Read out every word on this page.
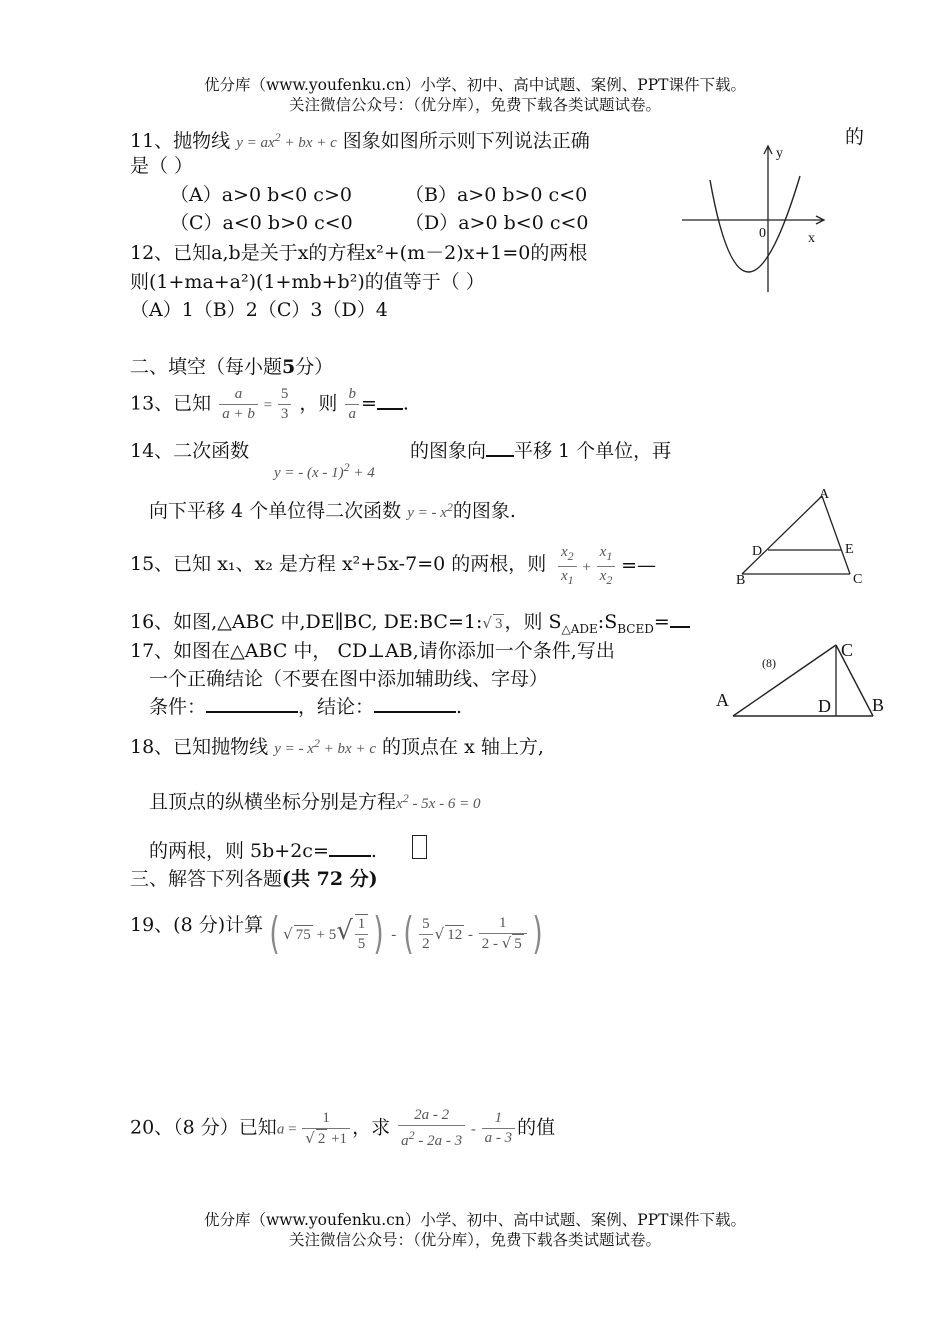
优分库（www.youfenku.cn）小学、初中、高中试题、案例、PPT课件下载。
关注微信公众号：（优分库），免费下载各类试题试卷。
11、抛物线 $y = ax^2$ + bx + c 图象如图所示则下列说法正确	的
是（ ）
（A）a>0 b<0 c>0	（B）a>0 b>0 c<0
（C）a<0 b>0 c<0	（D）a>0 b<0 c<0
y
x
0
12、已知a,b是关于x的方程x²+(m－2)x+1=0的两根
则(1+ma+a²)(1+mb+b²)的值等于（ ）
（A）1（B）2（C）3（D）4
二、填空（每小题5分）
13、已知 $\frac{a}{a + b} = \frac{5}{3}$ ，则 $\frac{b}{a}$ = .
14、二次函数
y = - (x - 1)$^2$ + 4
的图象向 平移 1 个单位，再
向下平移 4 个单位得二次函数 y = - $x^2$的图象.
15、已知 x₁、x₂ 是方程 x²+5x-7=0 的两根，则 $\frac{x_2}{x_1} + \frac{x_1}{x_2}$ =—
A
B	C
D	E
16、如图,△ABC 中,DE∥BC, DE:BC=1:√ 3 ，则 $S_{\triangle ADE}:S_{BCED}=$
17、如图在△ABC 中， CD⊥AB,请你添加一个条件,写出
一个正确结论（不要在图中添加辅助线、字母）
条件：	，结论：	.	A	D B
C
(8)
18、已知抛物线 y = - $x^2$ + bx + c 的顶点在 x 轴上方,
且顶点的纵横坐标分别是方程$x^2 - 5x - 6 = 0$
的两根，则 5b+2c= .
三、解答下列各题(共 72 分)
19、(8 分)计算 ( √ $75 + 5√ \frac{1}{5}$ ) - ( $\frac{5}{2}$ √ $12 - \frac{1}{2 - √ 5}$ )
20、（8 分）已知$a = \frac{1}{√ 2 +1}$ ，求 $\frac{2a - 2}{a^2 - 2a - 3} - \frac{1}{a - 3}$ 的值
优分库（www.youfenku.cn）小学、初中、高中试题、案例、PPT课件下载。
关注微信公众号：（优分库），免费下载各类试题试卷。
